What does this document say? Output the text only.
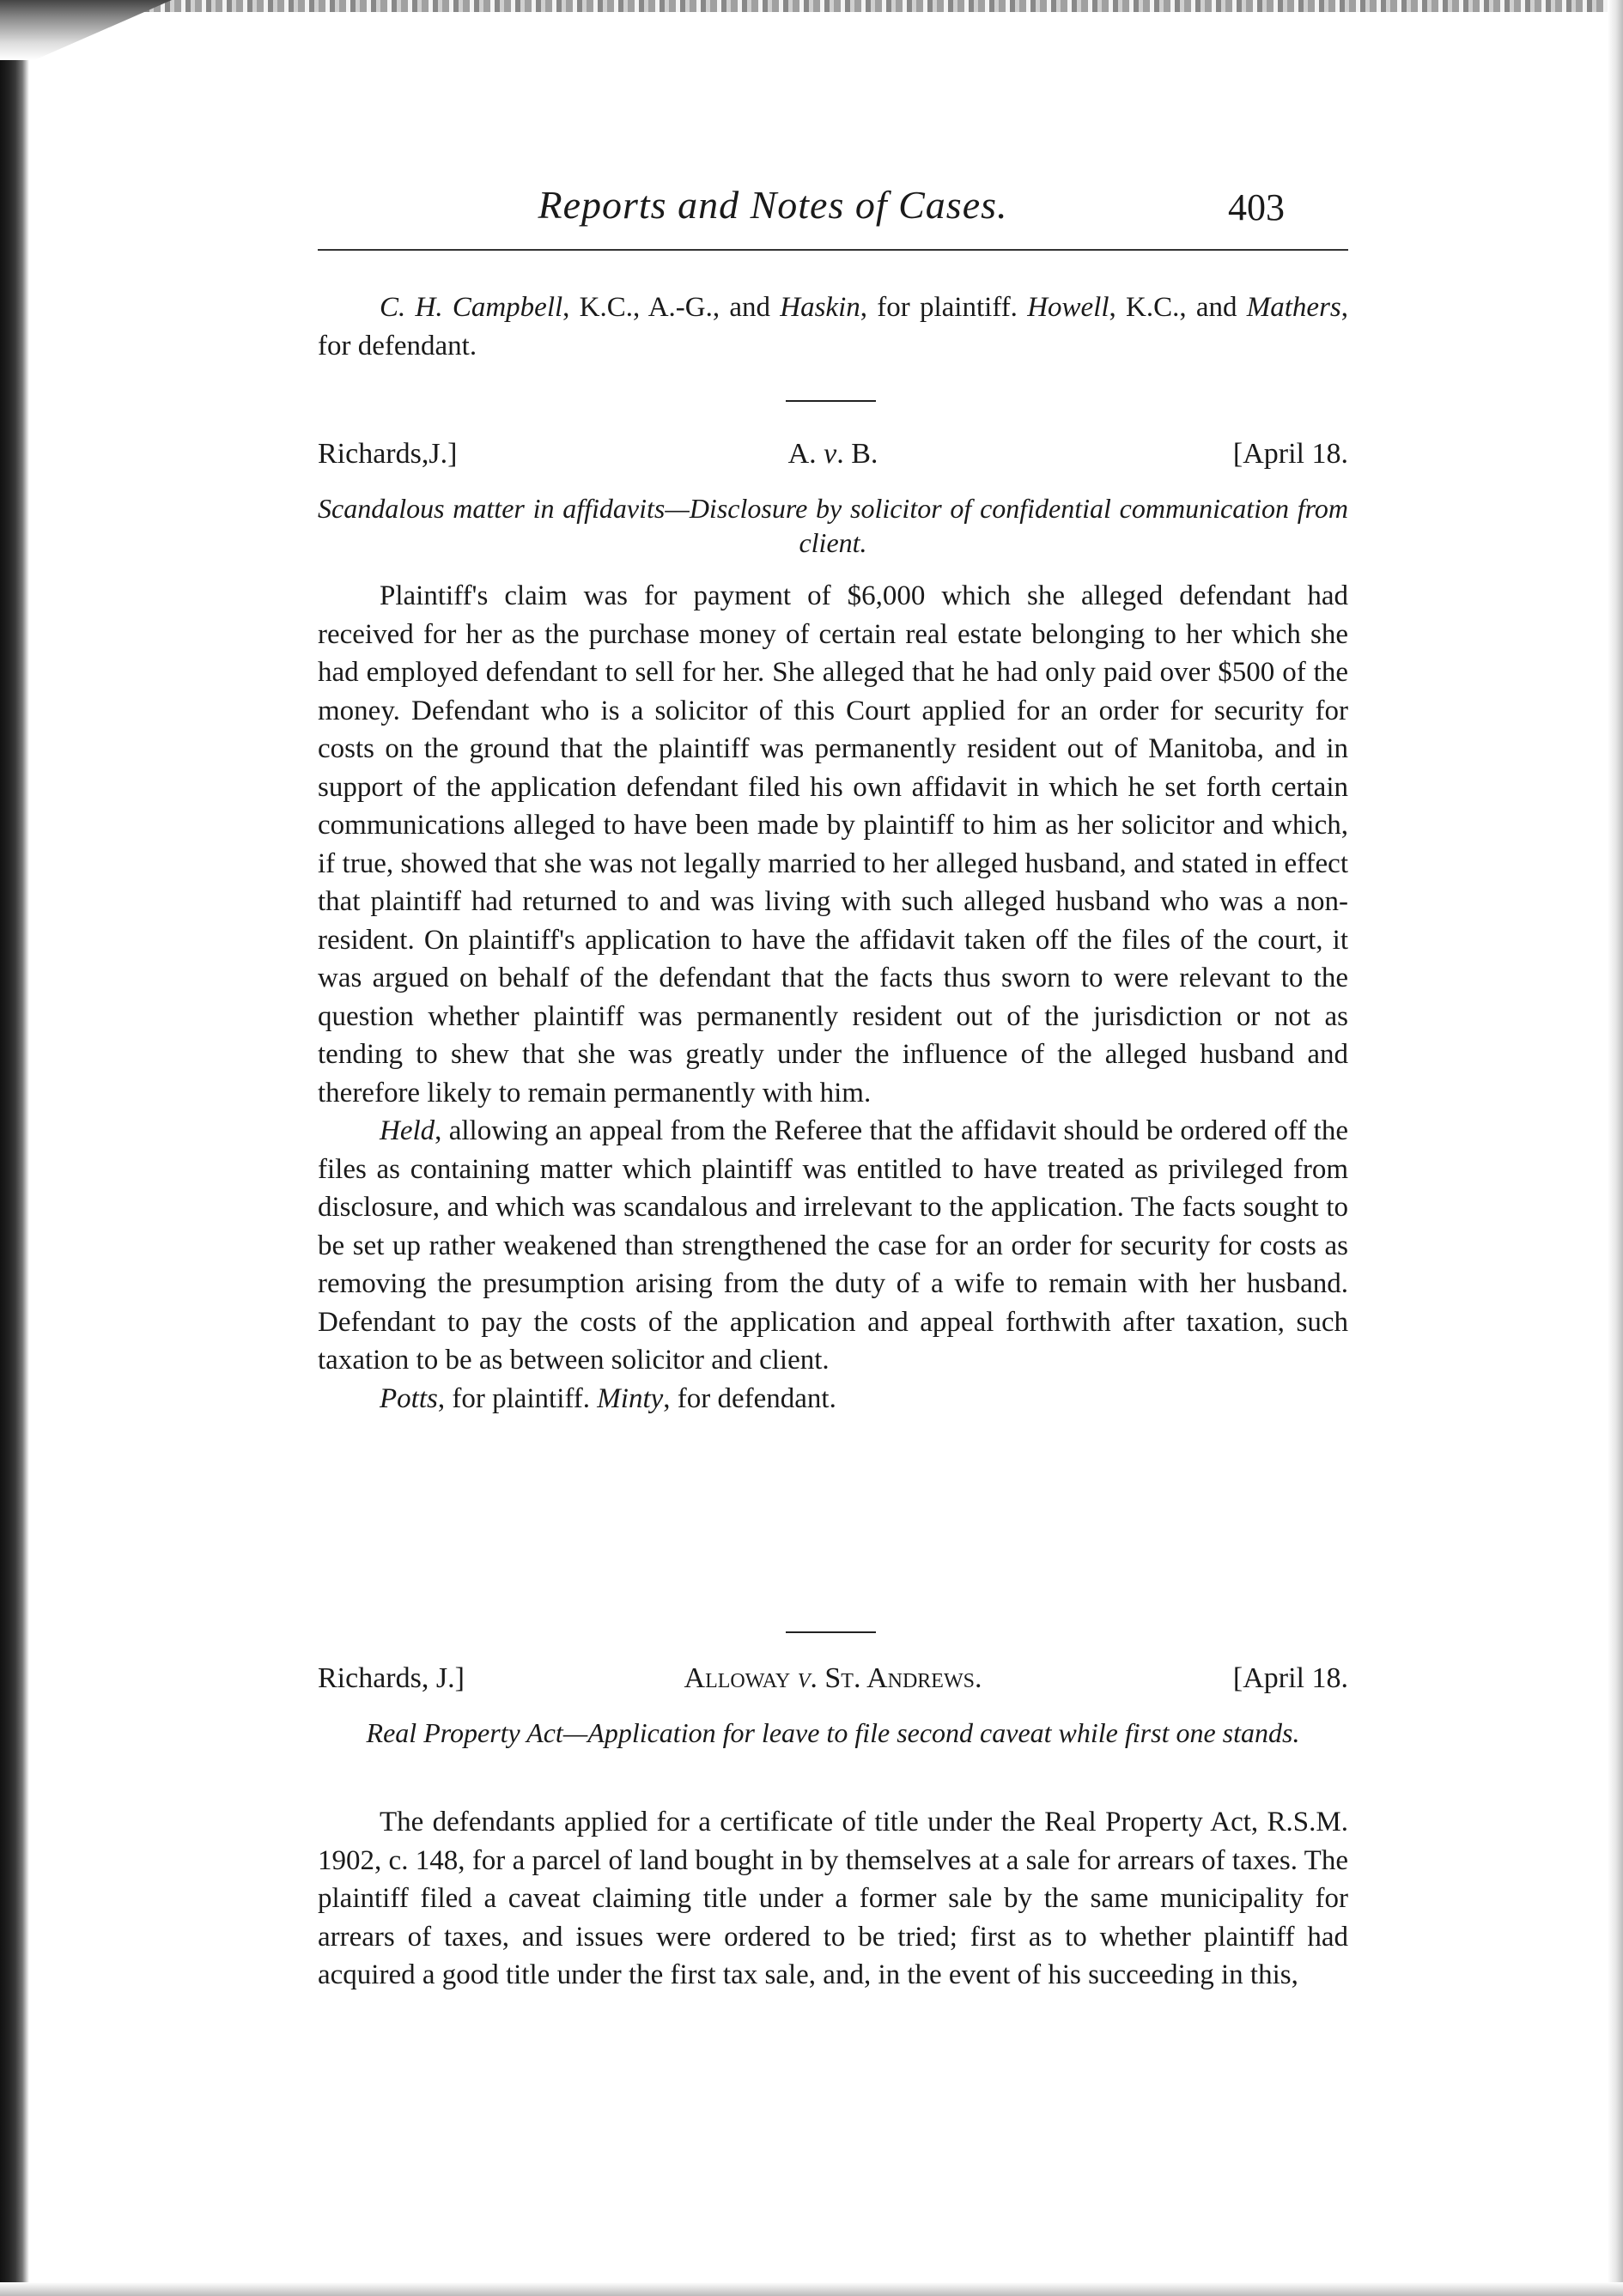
Reports and Notes of Cases.	403

C. H. Campbell, K.C., A.-G., and Haskin, for plaintiff. Howell, K.C., and Mathers, for defendant.

Richards,J.]	A. v. B.	[April 18.
Scandalous matter in affidavits—Disclosure by solicitor of confidential communication from client.

Plaintiff's claim was for payment of $6,000 which she alleged defendant had received for her as the purchase money of certain real estate belonging to her which she had employed defendant to sell for her. She alleged that he had only paid over $500 of the money. Defendant who is a solicitor of this Court applied for an order for security for costs on the ground that the plaintiff was permanently resident out of Manitoba, and in support of the application defendant filed his own affidavit in which he set forth certain communications alleged to have been made by plaintiff to him as her solicitor and which, if true, showed that she was not legally married to her alleged husband, and stated in effect that plaintiff had returned to and was living with such alleged husband who was a non-resident. On plaintiff's application to have the affidavit taken off the files of the court, it was argued on behalf of the defendant that the facts thus sworn to were relevant to the question whether plaintiff was permanently resident out of the jurisdiction or not as tending to shew that she was greatly under the influence of the alleged husband and therefore likely to remain permanently with him.

Held, allowing an appeal from the Referee that the affidavit should be ordered off the files as containing matter which plaintiff was entitled to have treated as privileged from disclosure, and which was scandalous and irrelevant to the application. The facts sought to be set up rather weakened than strengthened the case for an order for security for costs as removing the presumption arising from the duty of a wife to remain with her husband. Defendant to pay the costs of the application and appeal forthwith after taxation, such taxation to be as between solicitor and client.

Potts, for plaintiff. Minty, for defendant.

Richards, J.]	Alloway v. St. Andrews.	[April 18.
Real Property Act—Application for leave to file second caveat while first one stands.

The defendants applied for a certificate of title under the Real Property Act, R.S.M. 1902, c. 148, for a parcel of land bought in by themselves at a sale for arrears of taxes. The plaintiff filed a caveat claiming title under a former sale by the same municipality for arrears of taxes, and issues were ordered to be tried; first as to whether plaintiff had acquired a good title under the first tax sale, and, in the event of his succeeding in this,
